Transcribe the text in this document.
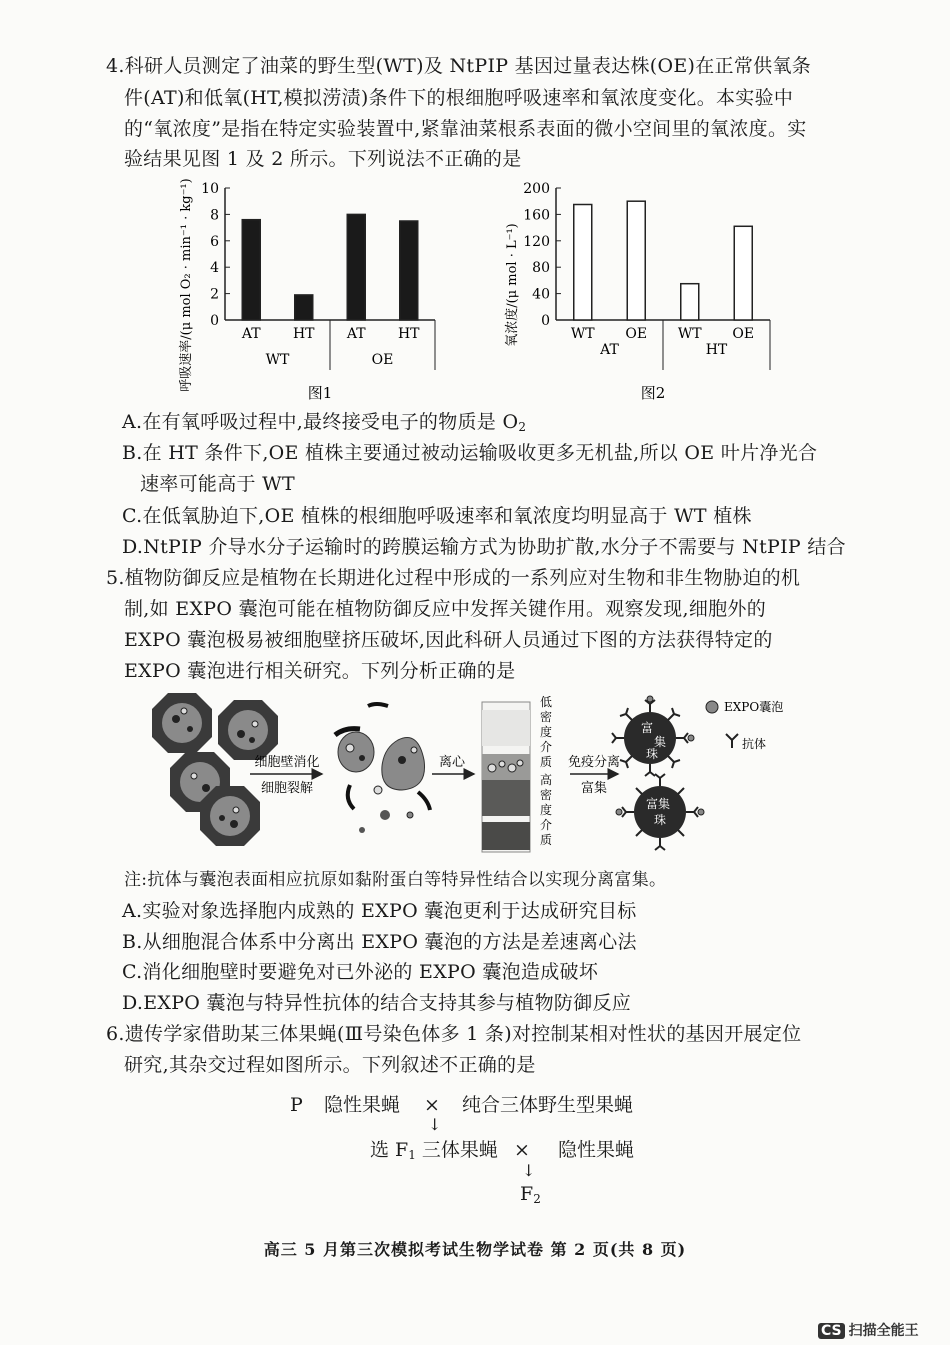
4.科研人员测定了油菜的野生型(WT)及 NtPIP 基因过量表达株(OE)在正常供氧条
件(AT)和低氧(HT,模拟涝渍)条件下的根细胞呼吸速率和氧浓度变化。本实验中
的“氧浓度”是指在特定实验装置中,紧靠油菜根系表面的微小空间里的氧浓度。实
验结果见图 1 及 2 所示。下列说法不正确的是
0
2
4
6
8
10
呼吸速率/(μ mol O₂ · min⁻¹ · kg⁻¹)	AT HT AT HT
WT	OE
图1
0
40
80
120
160
200
氧浓度/(μ mol · L⁻¹)	WT OE WT OE
AT	HT
图2
A.在有氧呼吸过程中,最终接受电子的物质是 $O_2$
B.在 HT 条件下,OE 植株主要通过被动运输吸收更多无机盐,所以 OE 叶片净光合
速率可能高于 WT
C.在低氧胁迫下,OE 植株的根细胞呼吸速率和氧浓度均明显高于 WT 植株
D.NtPIP 介导水分子运输时的跨膜运输方式为协助扩散,水分子不需要与 NtPIP 结合
5.植物防御反应是植物在长期进化过程中形成的一系列应对生物和非生物胁迫的机
制,如 EXPO 囊泡可能在植物防御反应中发挥关键作用。观察发现,细胞外的
EXPO 囊泡极易被细胞壁挤压破坏,因此科研人员通过下图的方法获得特定的
EXPO 囊泡进行相关研究。下列分析正确的是
细胞壁消化
细胞裂解
离心
低密度介质
高密度介质
免疫分离
富集
富
集
珠
富集
珠
EXPO囊泡
抗体
注:抗体与囊泡表面相应抗原如黏附蛋白等特异性结合以实现分离富集。
A.实验对象选择胞内成熟的 EXPO 囊泡更利于达成研究目标
B.从细胞混合体系中分离出 EXPO 囊泡的方法是差速离心法
C.消化细胞壁时要避免对已外泌的 EXPO 囊泡造成破坏
D.EXPO 囊泡与特异性抗体的结合支持其参与植物防御反应
6.遗传学家借助某三体果蝇(Ⅲ号染色体多 1 条)对控制某相对性状的基因开展定位
研究,其杂交过程如图所示。下列叙述不正确的是
P 隐性果蝇 × 纯合三体野生型果蝇
↓
选 $F_1$ 三体果蝇 × 隐性果蝇
↓
$F_2$
高三 5 月第三次模拟考试生物学试卷 第 2 页(共 8 页)
CS 扫描全能王
